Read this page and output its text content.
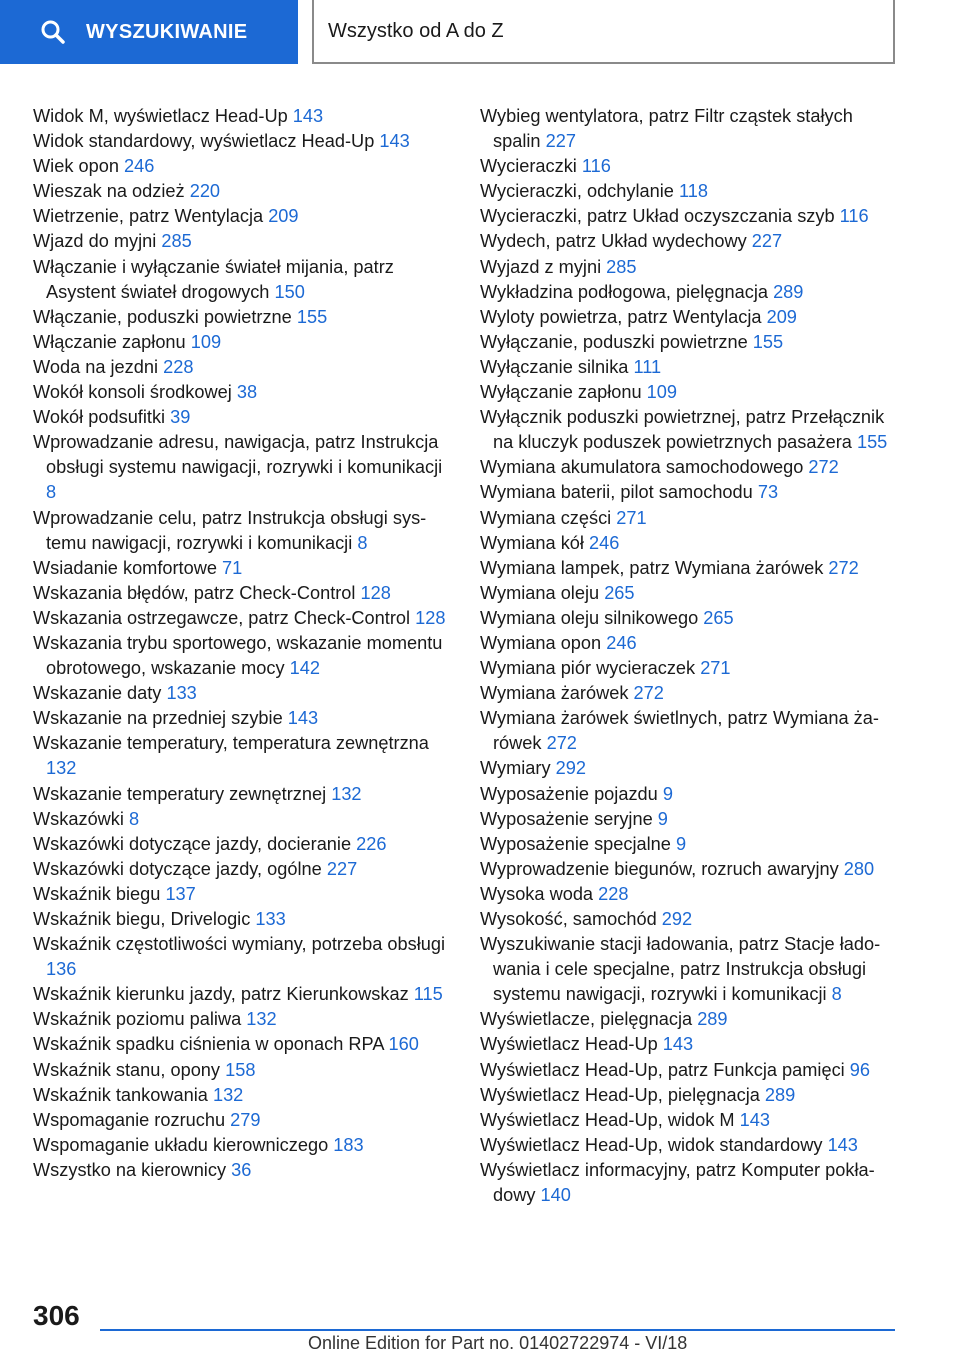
WYSZUKIWANIE	Wszystko od A do Z
Widok M, wyświetlacz Head-Up 143
Widok standardowy, wyświetlacz Head-Up 143
Wiek opon 246
Wieszak na odzież 220
Wietrzenie, patrz Wentylacja 209
Wjazd do myjni 285
Włączanie i wyłączanie świateł mijania, patrz Asystent świateł drogowych 150
Włączanie, poduszki powietrzne 155
Włączanie zapłonu 109
Woda na jezdni 228
Wokół konsoli środkowej 38
Wokół podsufitki 39
Wprowadzanie adresu, nawigacja, patrz Instrukcja obsługi systemu nawigacji, rozrywki i komunikacji 8
Wprowadzanie celu, patrz Instrukcja obsługi systemu nawigacji, rozrywki i komunikacji 8
Wsiadanie komfortowe 71
Wskazania błędów, patrz Check-Control 128
Wskazania ostrzegawcze, patrz Check-Control 128
Wskazania trybu sportowego, wskazanie momentu obrotowego, wskazanie mocy 142
Wskazanie daty 133
Wskazanie na przedniej szybie 143
Wskazanie temperatury, temperatura zewnętrzna 132
Wskazanie temperatury zewnętrznej 132
Wskazówki 8
Wskazówki dotyczące jazdy, docieranie 226
Wskazówki dotyczące jazdy, ogólne 227
Wskaźnik biegu 137
Wskaźnik biegu, Drivelogic 133
Wskaźnik częstotliwości wymiany, potrzeba obsługi 136
Wskaźnik kierunku jazdy, patrz Kierunkowskaz 115
Wskaźnik poziomu paliwa 132
Wskaźnik spadku ciśnienia w oponach RPA 160
Wskaźnik stanu, opony 158
Wskaźnik tankowania 132
Wspomaganie rozruchu 279
Wspomaganie układu kierowniczego 183
Wszystko na kierownicy 36
Wybieg wentylatora, patrz Filtr cząstek stałych spalin 227
Wycieraczki 116
Wycieraczki, odchylanie 118
Wycieraczki, patrz Układ oczyszczania szyb 116
Wydech, patrz Układ wydechowy 227
Wyjazd z myjni 285
Wykładzina podłogowa, pielęgnacja 289
Wyloty powietrza, patrz Wentylacja 209
Wyłączanie, poduszki powietrzne 155
Wyłączanie silnika 111
Wyłączanie zapłonu 109
Wyłącznik poduszki powietrznej, patrz Przełącznik na kluczyk poduszek powietrznych pasażera 155
Wymiana akumulatora samochodowego 272
Wymiana baterii, pilot samochodu 73
Wymiana części 271
Wymiana kół 246
Wymiana lampek, patrz Wymiana żarówek 272
Wymiana oleju 265
Wymiana oleju silnikowego 265
Wymiana opon 246
Wymiana piór wycieraczek 271
Wymiana żarówek 272
Wymiana żarówek świetlnych, patrz Wymiana żarówek 272
Wymiary 292
Wyposażenie pojazdu 9
Wyposażenie seryjne 9
Wyposażenie specjalne 9
Wyprowadzenie biegunów, rozruch awaryjny 280
Wysoka woda 228
Wysokość, samochód 292
Wyszukiwanie stacji ładowania, patrz Stacje ładowania i cele specjalne, patrz Instrukcja obsługi systemu nawigacji, rozrywki i komunikacji 8
Wyświetlacze, pielęgnacja 289
Wyświetlacz Head-Up 143
Wyświetlacz Head-Up, patrz Funkcja pamięci 96
Wyświetlacz Head-Up, pielęgnacja 289
Wyświetlacz Head-Up, widok M 143
Wyświetlacz Head-Up, widok standardowy 143
Wyświetlacz informacyjny, patrz Komputer pokładowy 140
306
Online Edition for Part no. 01402722974 - VI/18
